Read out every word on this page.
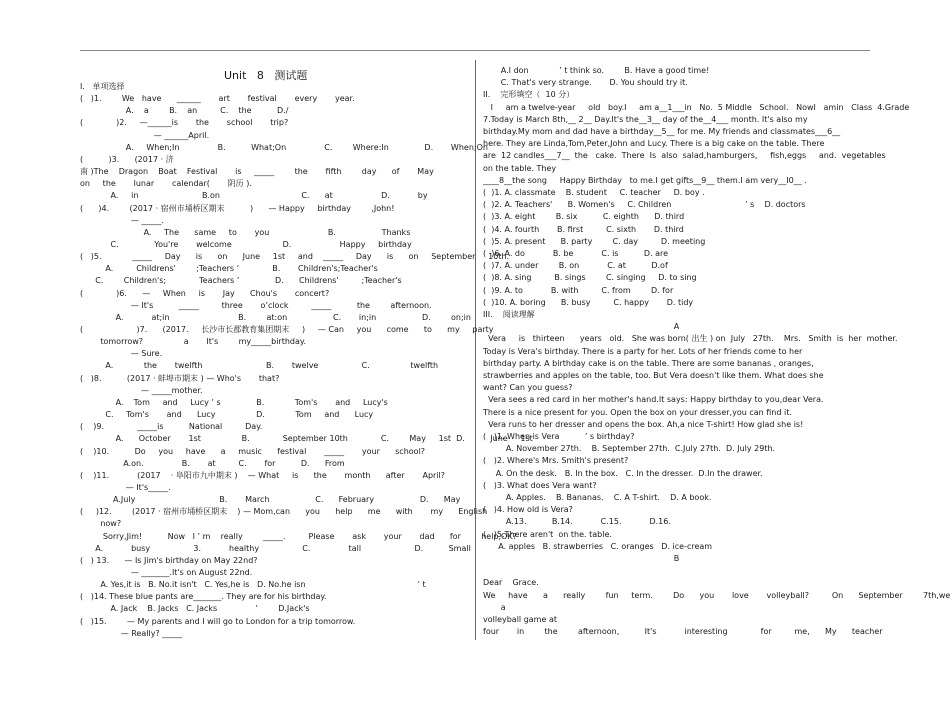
Unit   8   测试题
I.   单项选择
(   )1.        We   have      ______       art       festival       every       year.
A.    a        B.    an         C.    the          D./
(             )2.     —______is       the       school       trip?
— ______April.
A.     When;In               B.          What;On               C.        Where:In              D.       When;On
(          )3.      (2017 · 济
南 )The    Dragon    Boat    Festival       is     _____        the       fifth        day      of       May
on     the       lunar       calendar(       阴历 ).
A.     in                         B.on                                C.      at                   D.           by
(      )4.        (2017 · 宿州市埇桥区期末          )      — Happy     birthday        ,John!
— _____.
A.     The      same     to       you                       B.                  Thanks
C.              You're       welcome                    D.                   Happy     birthday
(   )5.            _____     Day      is      on      June     1st     and    _____     Day      is      on     September     10th.
A.         Childrens'        ;Teachers ’             B.       Children's;Teacher's
C.        Children's;             Teachers ’              D.      Childrens'         ;Teacher's
(             )6.      —     When     is       Jay      Chou's       concert?
— It's          _____         three       o’clock         _____          the        afternoon.
A.           at;in                           B.        at:on                  C.       in;in                  D.        on;in
(                     )7.      (2017.     长沙市长郡教育集团期末     )     — Can     you      come      to      my     party
tomorrow?                a       It's        my_____birthday.
— Sure.
A.            the       twelfth                         B.       twelve                 C.                twelfth
(   )8.          (2017 · 蚌埠市期末 ) — Who's       that?
— _____mother.
A.    Tom     and     Lucy ’ s              B.            Tom's       and     Lucy's
C.     Tom's       and      Lucy                D.            Tom     and      Lucy
(    )9.             _____is          National         Day.
A.      October       1st                B.             September 10th             C.        May     1st  D.          June     1st
(    )10.          Do     you     have      a     music      festival       _____       your      school?
A.on.               B.       at         C.       for          D.      From
(    )11.           (2017    · 阜阳市九中期末 )    — What     is      the       month      after       April?
— It's_____.
A.July                                 B.       March                  C.      February                  D.      May
(     )12.        (2017 · 宿州市埇桥区期末    ) — Mom,can      you      help      me      with       my      English
now?
Sorry,Jim!          Now   I ’ m    really        _____.         Please       ask       your       dad      for        help,OK?
A.           busy                 3.           healthy                 C.               tall                     D.          Small
(   ) 13.      — Is Jim's birthday on May 22nd?
— _______.It's on August 22nd.
A. Yes,it is   B. No.it isn't   C. Yes,he is   D. No.he isn                                            ’ t
(   )14. These blue pants are_______. They are for his birthday.
A. Jack    B. Jacks   C. Jacks               ’        D.Jack's
(   )15.        — My parents and I will go to London for a trip tomorrow.
— Really? _____
A.I don            ’ t think so.        B. Have a good time!
C. That's very strange.       D. You should try it.
II.    完形填空（  10 分）
I     am a twelve-year     old   boy.I     am a__1___in   No.  5 Middle   School.   NowI   amin   Class  4.Grade
7.Today is March 8th,__ 2__ Day.It's the__3__ day of the__4___ month. It's also my
birthday.My mom and dad have a birthday__5__ for me. My friends and classmates___6__
here. They are Linda,Tom,Peter,John and Lucy. There is a big cake on the table. There
are  12 candles___7__  the   cake.  There  Is  also  salad,hamburgers,     fish,eggs     and.  vegetables
on the table. They
____8__the song     Happy Birthday   to me.I get gifts__9__ them.I am very__I0__ .
(  )1. A. classmate    B. student     C. teacher     D. boy .
(  )2. A. Teachers'      B. Women's     C. Children                             ’ s    D. doctors
(  )3. A. eight        B. six          C. eighth      D. third
(  )4. A. fourth       B. first         C. sixth       D. third
(  )5. A. present      B. party        C. day         D. meeting
(  )6. A. do           B. be           C. is          D. are
(  )7. A. under        B. on           C. at          D.of
(  )8. A. sing         B. sings        C. singing     D. to sing
(  )9. A. to           B. with         C. from        D. for
(  )10. A. boring      B. busy         C. happy       D. tidy
III.    阅读理解
A
Vera     is   thirteen      years   old.   She was born( 出生 ) on  July   27th.    Mrs.   Smith  is  her  mother.
Today is Vera's birthday. There is a party for her. Lots of her friends come to her
birthday party. A birthday cake is on the table. There are some bananas , oranges,
strawberries and apples on the table, too. But Vera doesn't like them. What does she
want? Can you guess?
Vera sees a red card in her mother's hand.It says: Happy birthday to you,dear Vera.
There is a nice present for you. Open the box on your dresser,you can find it.
Vera runs to her dresser and opens the box. Ah,a nice T-shirt! How glad she is!
(   )1. When is Vera          ’ s birthday?
A. November 27th.    B. September 27th.  C.July 27th.  D. July 29th.
(   )2. Where's Mrs. Smith's present?
A. On the desk.   B. In the box.   C. In the dresser.  D.In the drawer.
(   )3. What does Vera want?
A. Apples.    B. Bananas.    C. A T-shirt.    D. A book.
(   )4. How old is Vera?
A.13.          B.14.           C.15.           D.16.
(   )5.There aren't  on the. table.
A. apples   B. strawberries   C. oranges   D. ice-cream
B
Dear    Grace.
We     have      a      really        fun     term.        Do      you       love       volleyball?         On      September        7th,we
a
volleyball game at
four       in        the        afternoon,          It's           interesting             for         me,      My      teacher
